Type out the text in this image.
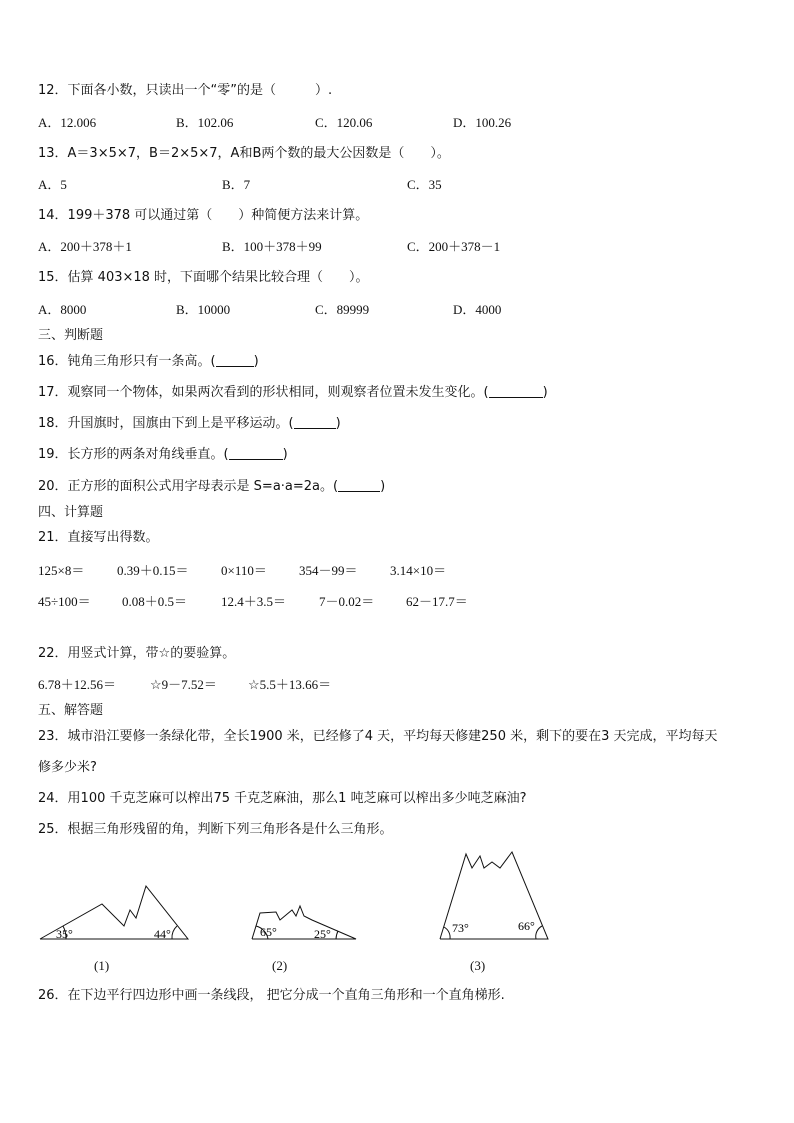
12．下面各小数，只读出一个“零”的是（　　　）.
A．12.006	B．102.06	C．120.06	D．100.26
13．A＝3×5×7，B＝2×5×7，A和B两个数的最大公因数是（　　）。
A．5	B．7	C．35
14．199＋378 可以通过第（　　）种简便方法来计算。
A．200＋378＋1	B．100＋378＋99	C．200＋378－1
15．估算 403×18 时，下面哪个结果比较合理（　　）。
A．8000	B．10000	C．89999	D．4000
三、判断题
16．钝角三角形只有一条高。(	)
17．观察同一个物体，如果两次看到的形状相同，则观察者位置未发生变化。(	)
18．升国旗时，国旗由下到上是平移运动。(	)
19．长方形的两条对角线垂直。(	)
20．正方形的面积公式用字母表示是 S=a·a=2a。(	)
四、计算题
21．直接写出得数。
125×8＝	0.39＋0.15＝ 0×110＝ 354－99＝ 3.14×10＝
45÷100＝ 0.08＋0.5＝	12.4＋3.5＝	7－0.02＝ 62－17.7＝
22．用竖式计算，带☆的要验算。
6.78＋12.56＝	☆9－7.52＝ ☆5.5＋13.66＝
五、解答题
23．城市沿江要修一条绿化带，全长1900 米，已经修了4 天，平均每天修建250 米，剩下的要在3 天完成，平均每天
修多少米?
24．用100 千克芝麻可以榨出75 千克芝麻油，那么1 吨芝麻可以榨出多少吨芝麻油?
25．根据三角形残留的角，判断下列三角形各是什么三角形。
35°	44°
(1)
65°	25°
(2)
73°	66°
(3)
26．在下边平行四边形中画一条线段， 把它分成一个直角三角形和一个直角梯形.
